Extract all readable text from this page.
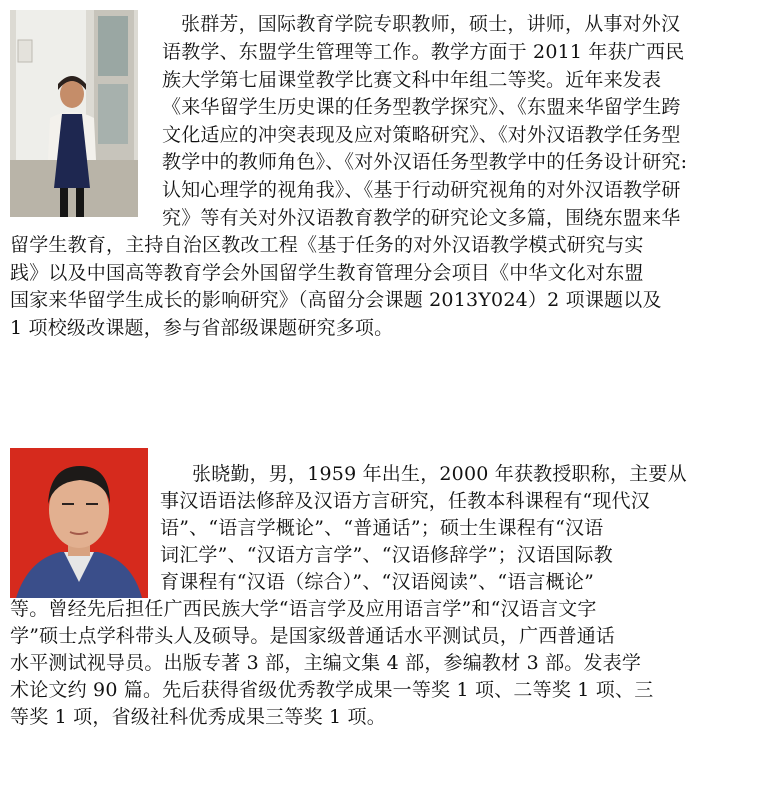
张群芳，国际教育学院专职教师，硕士，讲师，从事对外汉
语教学、东盟学生管理等工作。教学方面于 2011 年获广西民
族大学第七届课堂教学比赛文科中年组二等奖。近年来发表
《来华留学生历史课的任务型教学探究》、《东盟来华留学生跨
文化适应的冲突表现及应对策略研究》、《对外汉语教学任务型
教学中的教师角色》、《对外汉语任务型教学中的任务设计研究:
认知心理学的视角我》、《基于行动研究视角的对外汉语教学研
究》等有关对外汉语教育教学的研究论文多篇，围绕东盟来华
留学生教育，主持自治区教改工程《基于任务的对外汉语教学模式研究与实
践》以及中国高等教育学会外国留学生教育管理分会项目《中华文化对东盟
国家来华留学生成长的影响研究》（高留分会课题 2013Y024）2 项课题以及
1 项校级改课题，参与省部级课题研究多项。
张晓勤，男，1959 年出生，2000 年获教授职称，主要从
事汉语语法修辞及汉语方言研究，任教本科课程有“现代汉
语”、“语言学概论”、“普通话”；硕士生课程有“汉语
词汇学”、“汉语方言学”、“汉语修辞学”；汉语国际教
育课程有“汉语（综合）”、“汉语阅读”、“语言概论”
等。曾经先后担任广西民族大学“语言学及应用语言学”和“汉语言文字
学”硕士点学科带头人及硕导。是国家级普通话水平测试员，广西普通话
水平测试视导员。出版专著 3 部，主编文集 4 部，参编教材 3 部。发表学
术论文约 90 篇。先后获得省级优秀教学成果一等奖 1 项、二等奖 1 项、三
等奖 1 项，省级社科优秀成果三等奖 1 项。
